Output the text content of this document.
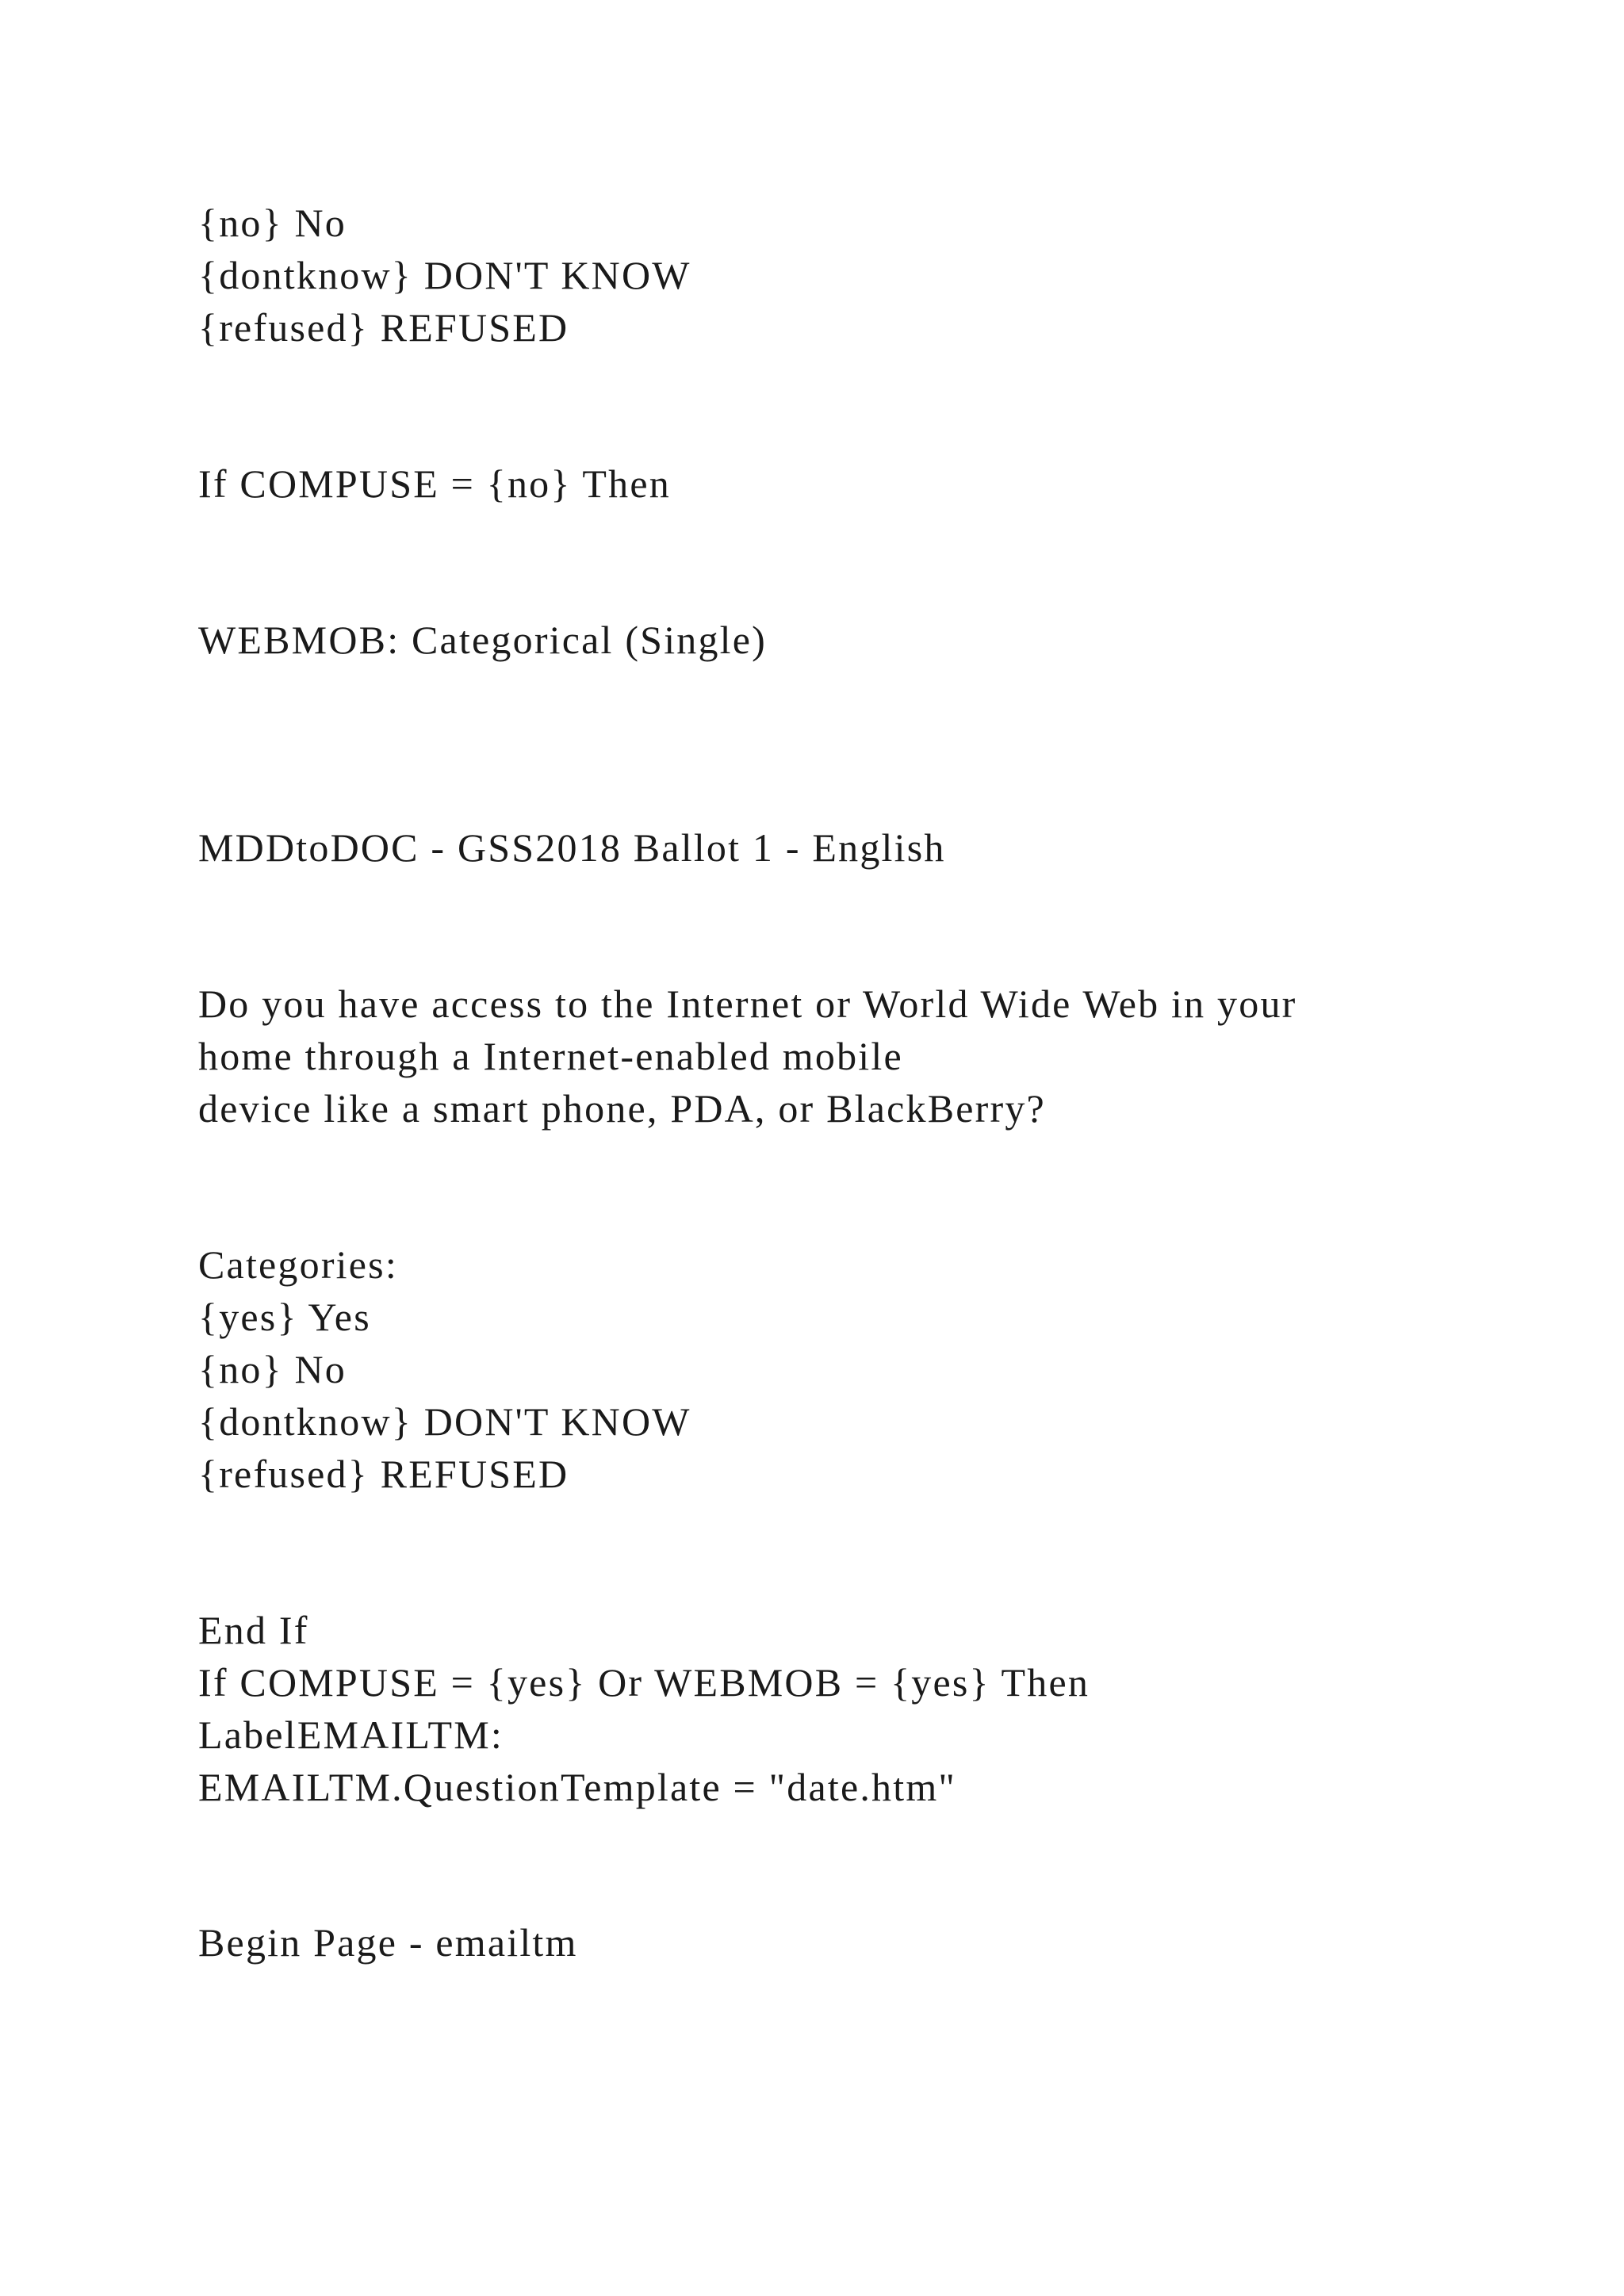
{no} No
{dontknow} DON'T KNOW
{refused} REFUSED
If COMPUSE = {no} Then
WEBMOB: Categorical (Single)
MDDtoDOC - GSS2018 Ballot 1 - English
Do you have access to the Internet or World Wide Web in your
home through a Internet-enabled mobile
device like a smart phone, PDA, or BlackBerry?
Categories:
{yes} Yes
{no} No
{dontknow} DON'T KNOW
{refused} REFUSED
End If
If COMPUSE = {yes} Or WEBMOB = {yes} Then
LabelEMAILTM:
EMAILTM.QuestionTemplate = "date.htm"
Begin Page - emailtm
